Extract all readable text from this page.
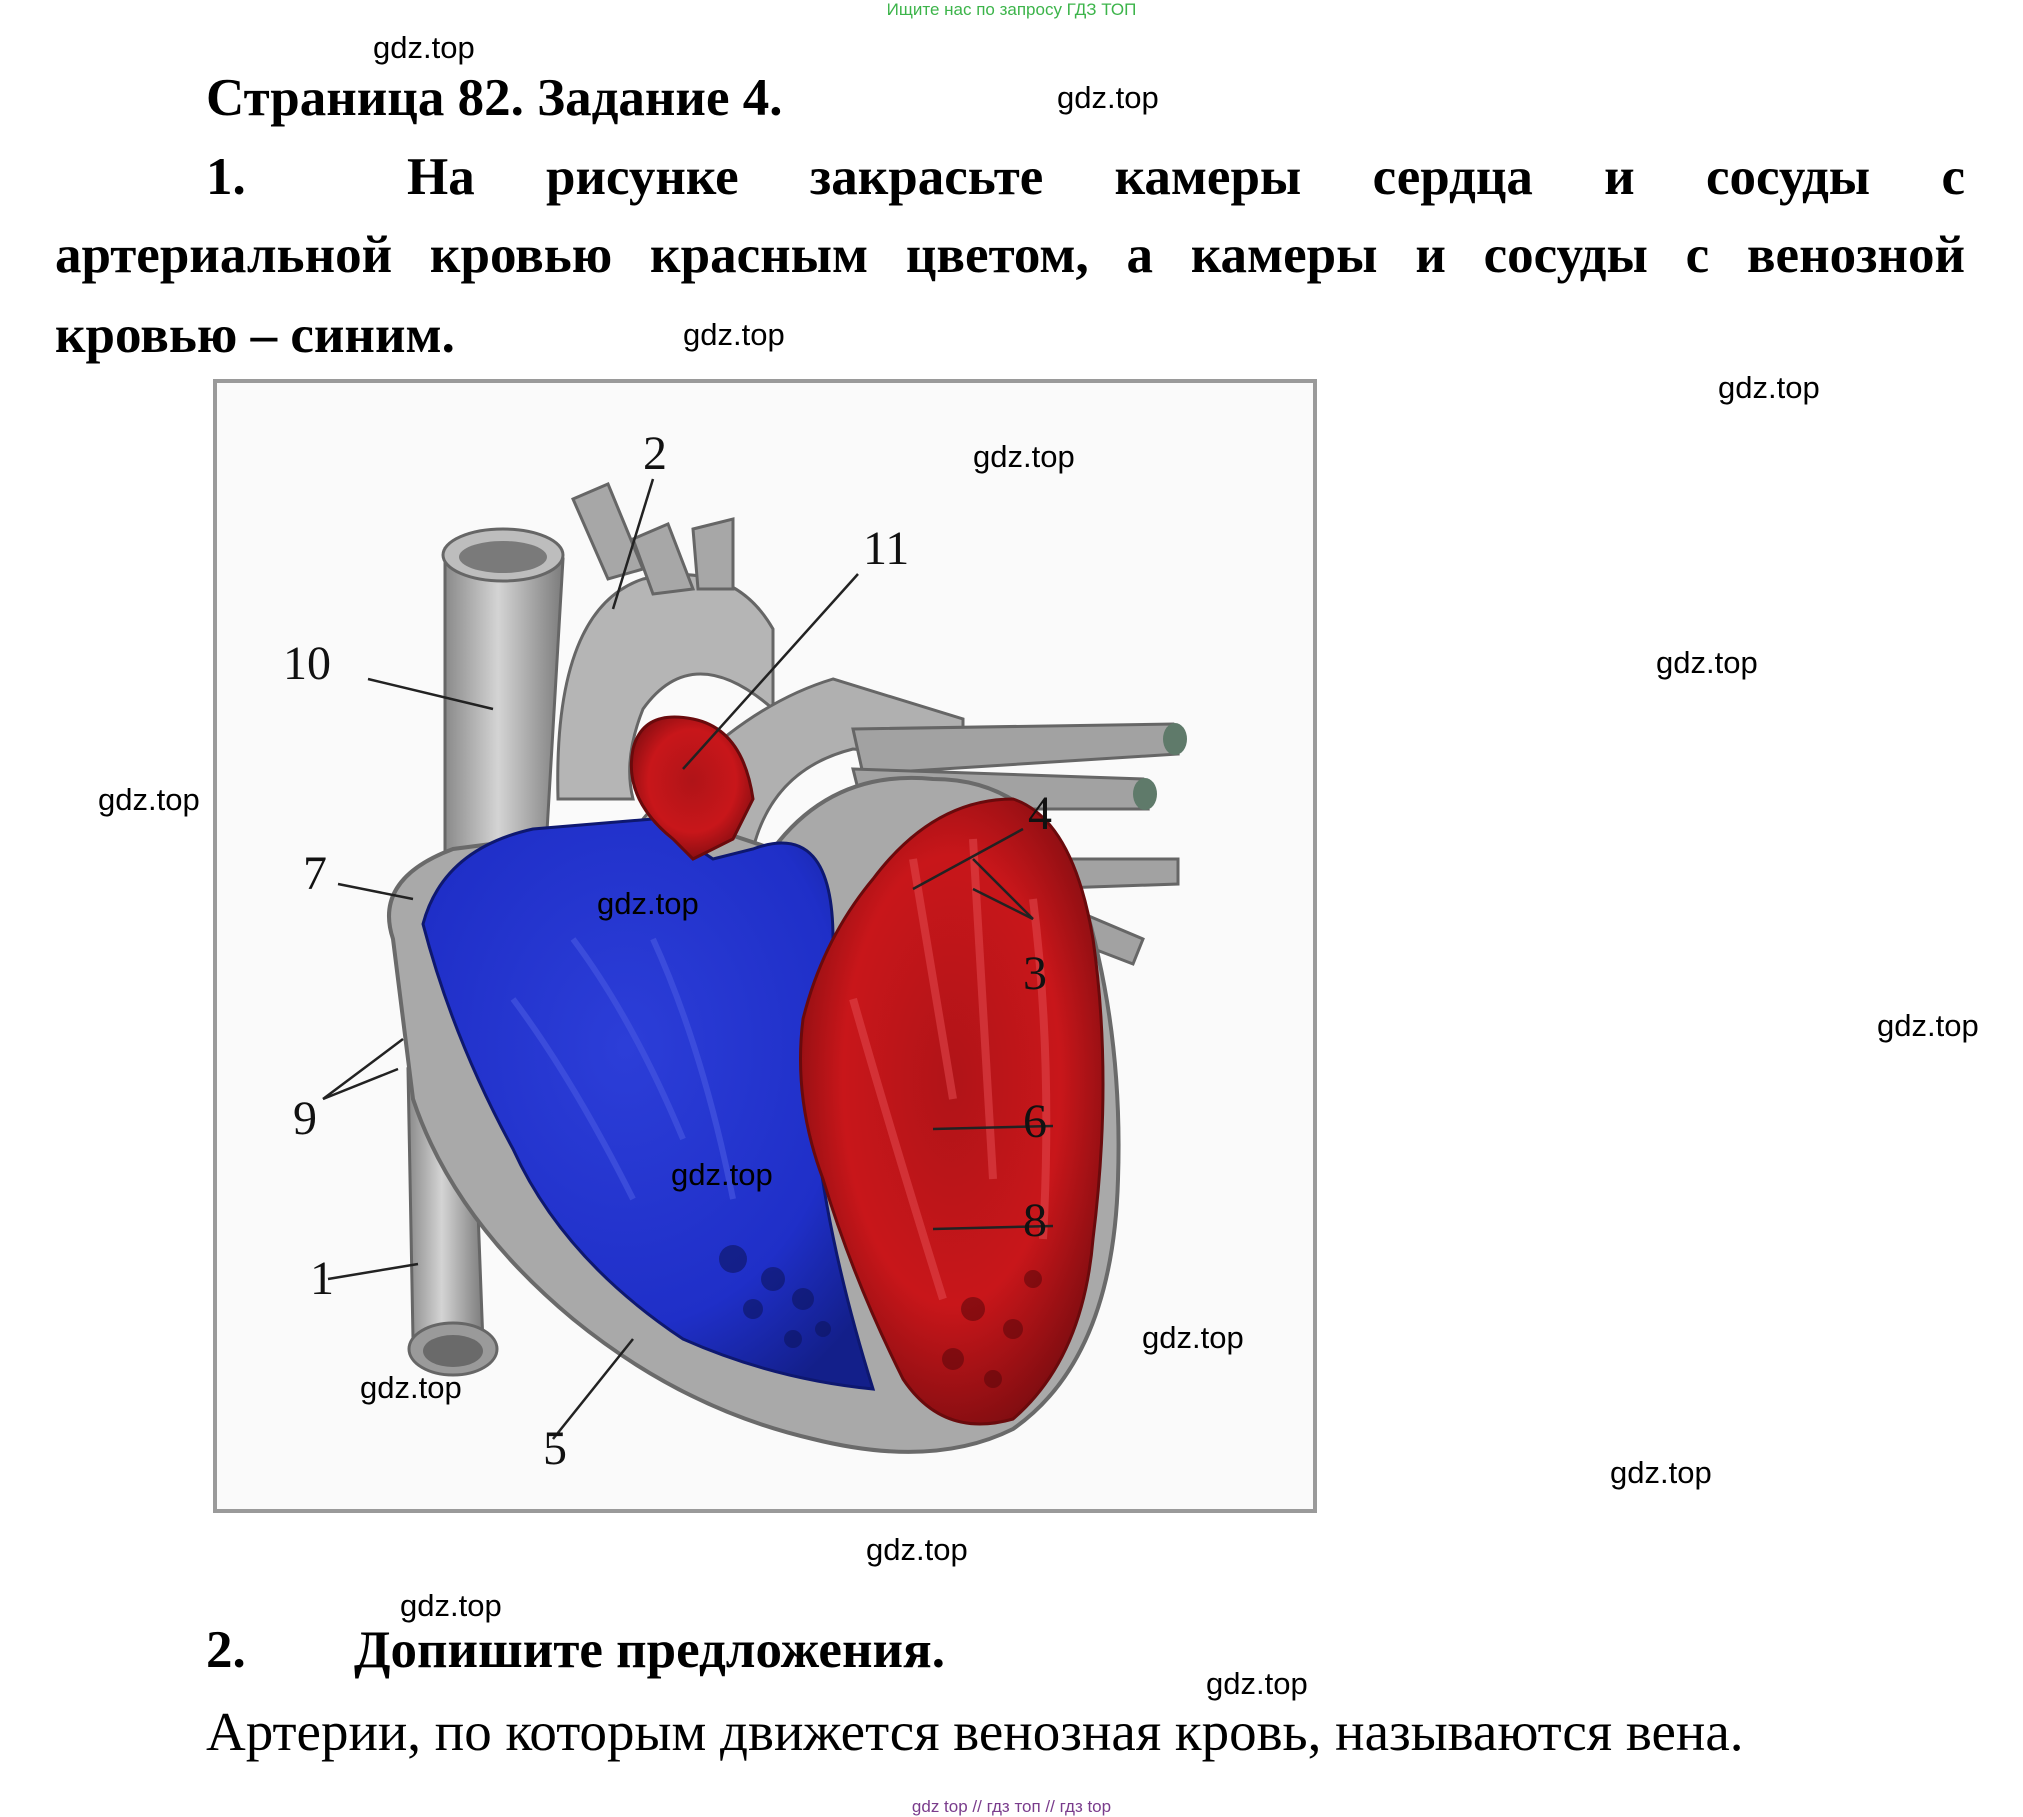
Ищите нас по запросу ГДЗ ТОП
Страница 82. Задание 4.
1.	На рисунке закрасьте камеры сердца и сосуды с
артериальной кровью красным цветом, а камеры и сосуды с венозной
кровью – синим.
2
11
10
4
3
7
9	6
8
1
5
2. Допишите предложения.
Артерии, по которым движется венозная кровь, называются вена.
gdz.top
gdz.top
gdz.top
gdz.top
gdz.top
gdz.top
gdz.top
gdz.top
gdz.top
gdz.top
gdz.top
gdz.top
gdz.top
gdz.top
gdz.top
gdz.top
gdz top // гдз топ // гдз top
